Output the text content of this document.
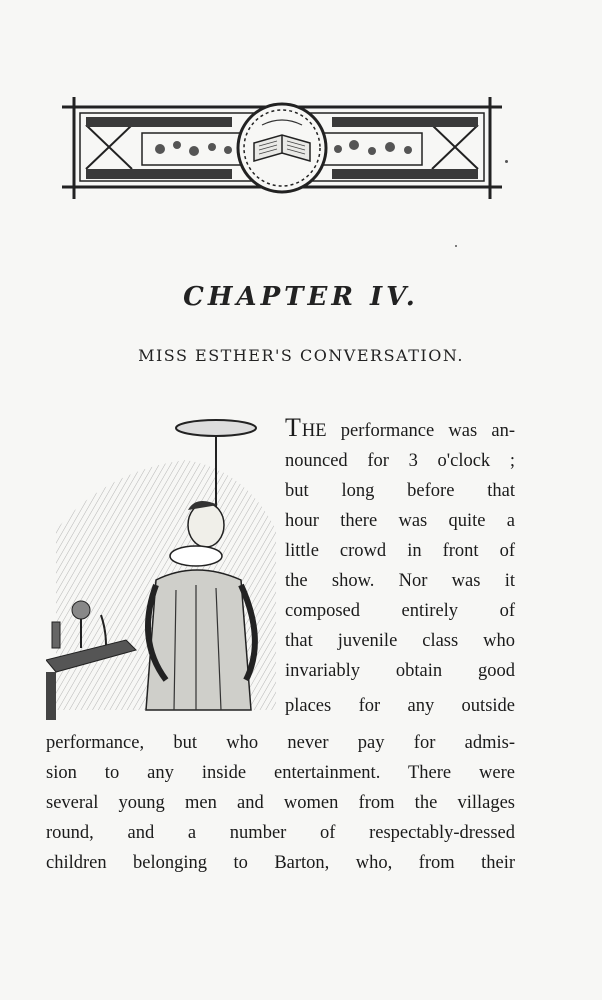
CHAPTER IV.
MISS ESTHER'S CONVERSATION.
THE performance was an-
nounced for 3 o'clock ;
but long before that
hour there was quite a
little crowd in front of
the show. Nor was it
composed entirely of
that juvenile class who
invariably obtain good
places for any outside
performance, but who never pay for admis-
sion to any inside entertainment. There were
several young men and women from the villages
round, and a number of respectably-dressed
children belonging to Barton, who, from their
